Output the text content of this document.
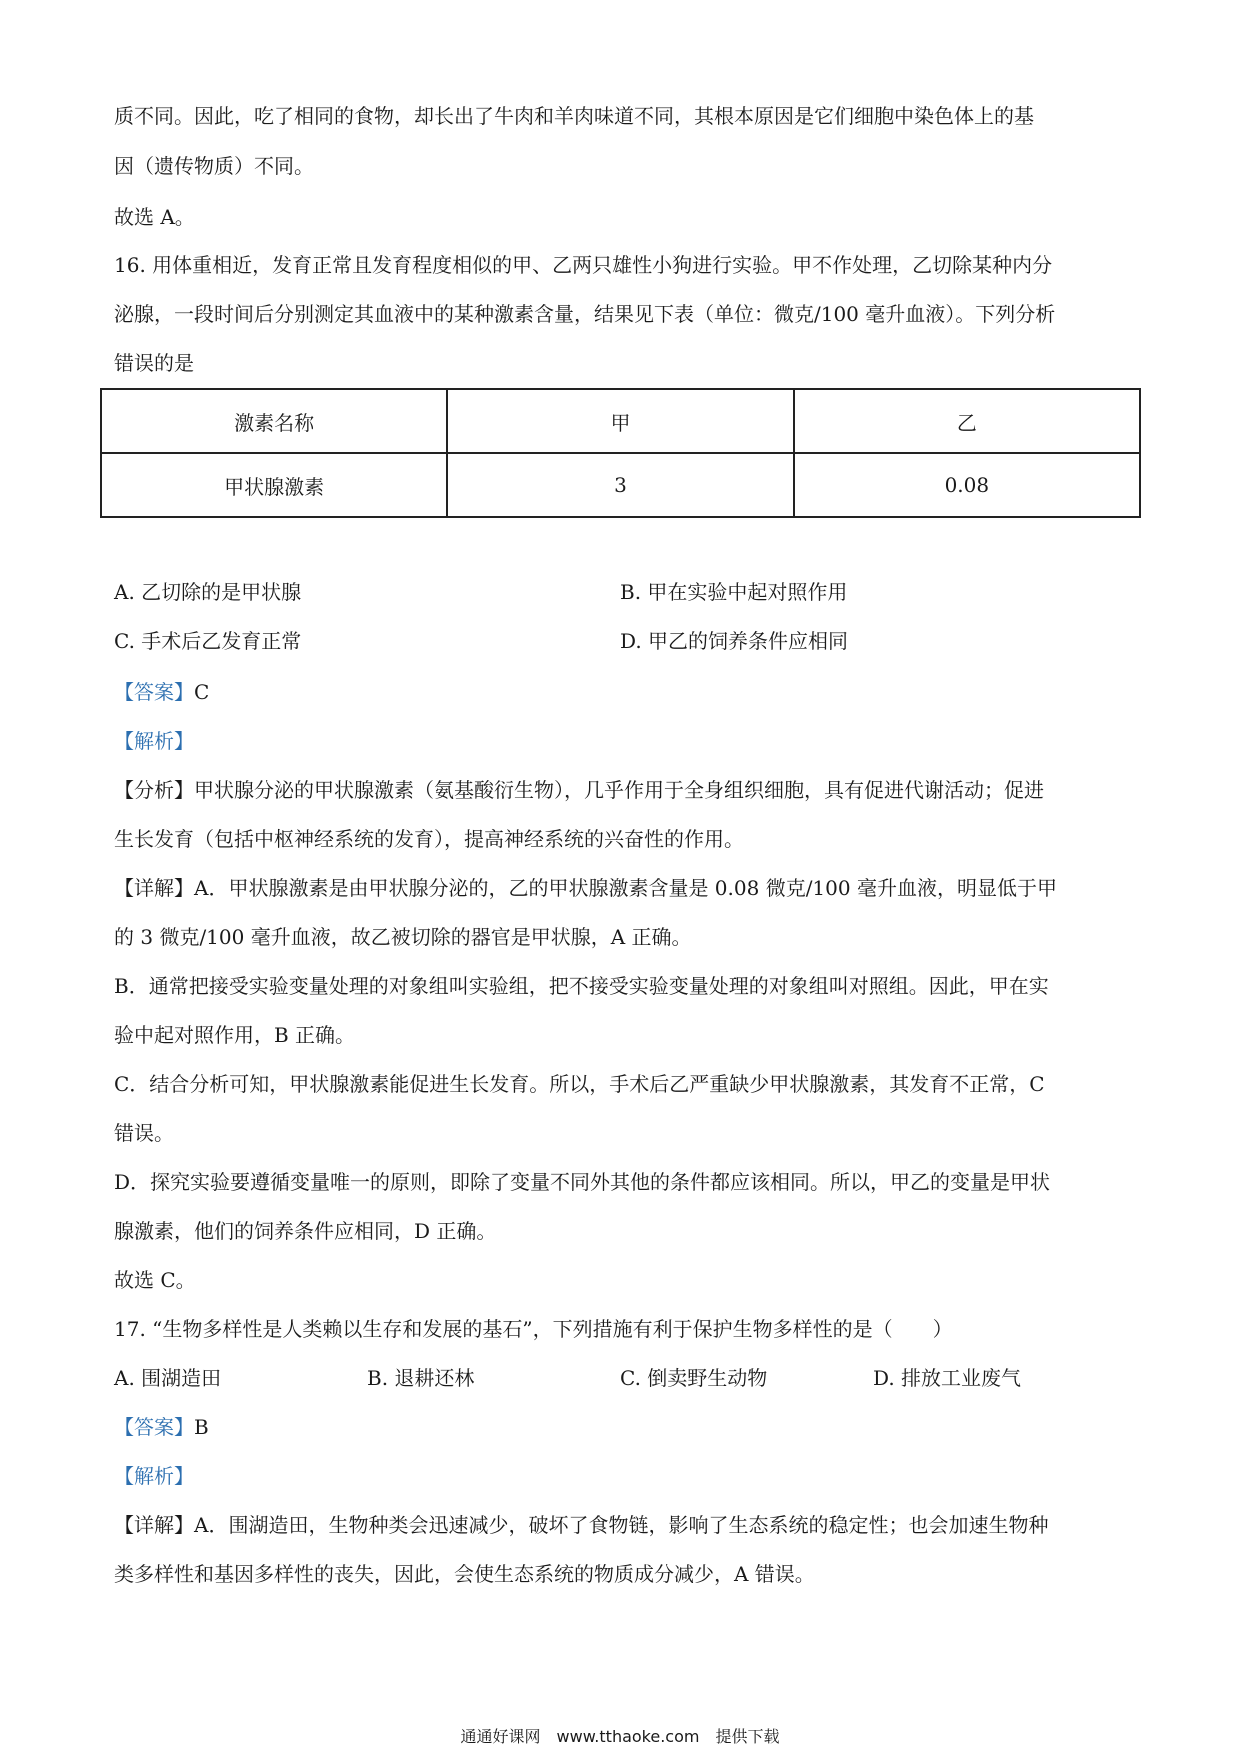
质不同。因此，吃了相同的食物，却长出了牛肉和羊肉味道不同，其根本原因是它们细胞中染色体上的基
因（遗传物质）不同。
故选 A。
16. 用体重相近，发育正常且发育程度相似的甲、乙两只雄性小狗进行实验。甲不作处理，乙切除某种内分
泌腺，一段时间后分别测定其血液中的某种激素含量，结果见下表（单位：微克/100 毫升血液）。下列分析
错误的是
激素名称	甲	乙
甲状腺激素	3	0.08
A. 乙切除的是甲状腺	B. 甲在实验中起对照作用
C. 手术后乙发育正常	D. 甲乙的饲养条件应相同
【答案】C
【解析】
【分析】甲状腺分泌的甲状腺激素（氨基酸衍生物），几乎作用于全身组织细胞，具有促进代谢活动；促进
生长发育（包括中枢神经系统的发育），提高神经系统的兴奋性的作用。
【详解】A．甲状腺激素是由甲状腺分泌的，乙的甲状腺激素含量是 0.08 微克/100 毫升血液，明显低于甲
的 3 微克/100 毫升血液，故乙被切除的器官是甲状腺，A 正确。
B．通常把接受实验变量处理的对象组叫实验组，把不接受实验变量处理的对象组叫对照组。因此，甲在实
验中起对照作用，B 正确。
C．结合分析可知，甲状腺激素能促进生长发育。所以，手术后乙严重缺少甲状腺激素，其发育不正常，C
错误。
D．探究实验要遵循变量唯一的原则，即除了变量不同外其他的条件都应该相同。所以，甲乙的变量是甲状
腺激素，他们的饲养条件应相同，D 正确。
故选 C。
17. “生物多样性是人类赖以生存和发展的基石”，下列措施有利于保护生物多样性的是（　　）
A. 围湖造田	B. 退耕还林	C. 倒卖野生动物	D. 排放工业废气
【答案】B
【解析】
【详解】A．围湖造田，生物种类会迅速减少，破坏了食物链，影响了生态系统的稳定性；也会加速生物种
类多样性和基因多样性的丧失，因此，会使生态系统的物质成分减少，A 错误。
通通好课网　www.tthaoke.com　提供下载
